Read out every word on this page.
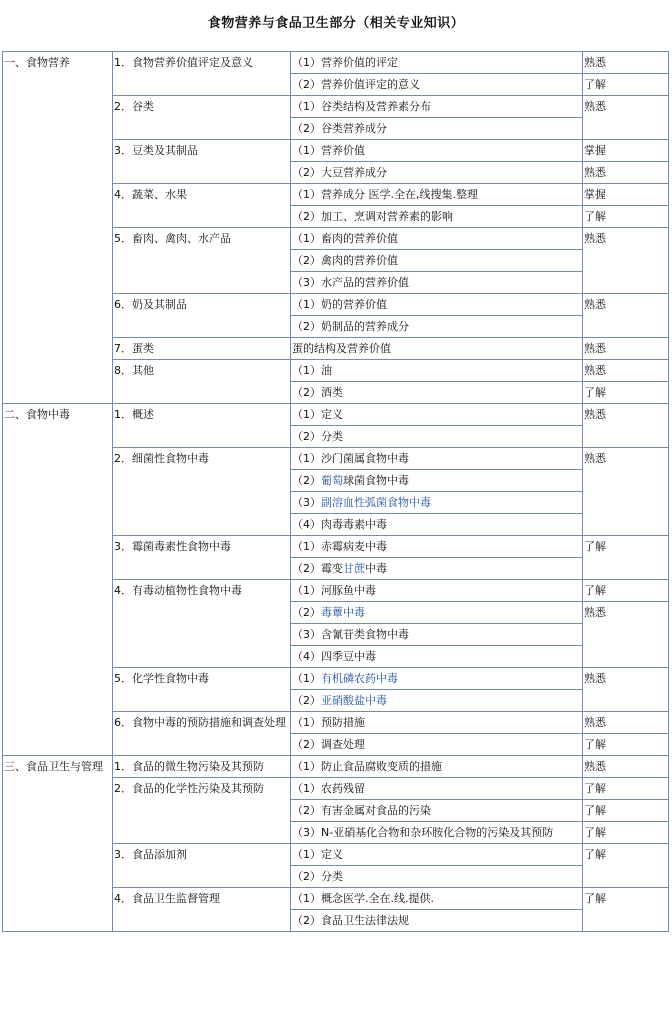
食物营养与食品卫生部分（相关专业知识）
一、食物营养	1．食物营养价值评定及意义	（1）营养价值的评定	熟悉
		（2）营养价值评定的意义	了解
	2．谷类	（1）谷类结构及营养素分布	熟悉
		（2）谷类营养成分	
	3．豆类及其制品	（1）营养价值	掌握
		（2）大豆营养成分	熟悉
	4．蔬菜、水果	（1）营养成分 医学.全在,线搜集.整理	掌握
		（2）加工、烹调对营养素的影响	了解
	5．畜肉、禽肉、水产品	（1）畜肉的营养价值	熟悉
		（2）禽肉的营养价值	
		（3）水产品的营养价值	
	6．奶及其制品	（1）奶的营养价值	熟悉
		（2）奶制品的营养成分	
	7．蛋类	蛋的结构及营养价值	熟悉
	8．其他	（1）油	熟悉
		（2）酒类	了解
二、食物中毒	1．概述	（1）定义	熟悉
		（2）分类	
	2．细菌性食物中毒	（1）沙门菌属食物中毒	熟悉
		（2）葡萄球菌食物中毒	
		（3）副溶血性弧菌食物中毒	
		（4）肉毒毒素中毒	
	3．霉菌毒素性食物中毒	（1）赤霉病麦中毒	了解
		（2）霉变甘蔗中毒	
	4．有毒动植物性食物中毒	（1）河豚鱼中毒	了解
		（2）毒蕈中毒	熟悉
		（3）含氰苷类食物中毒	
		（4）四季豆中毒	
	5．化学性食物中毒	（1）有机磷农药中毒	熟悉
		（2）亚硝酸盐中毒	
	6．食物中毒的预防措施和调查处理	（1）预防措施	熟悉
		（2）调查处理	了解
三、食品卫生与管理	1．食品的微生物污染及其预防	（1）防止食品腐败变质的措施	熟悉
	2．食品的化学性污染及其预防	（1）农药残留	了解
		（2）有害金属对食品的污染	了解
		（3）N-亚硝基化合物和杂环胺化合物的污染及其预防	了解
	3．食品添加剂	（1）定义	了解
		（2）分类	
	4．食品卫生监督管理	（1）概念医学.全在.线.提供.	了解
		（2）食品卫生法律法规	
